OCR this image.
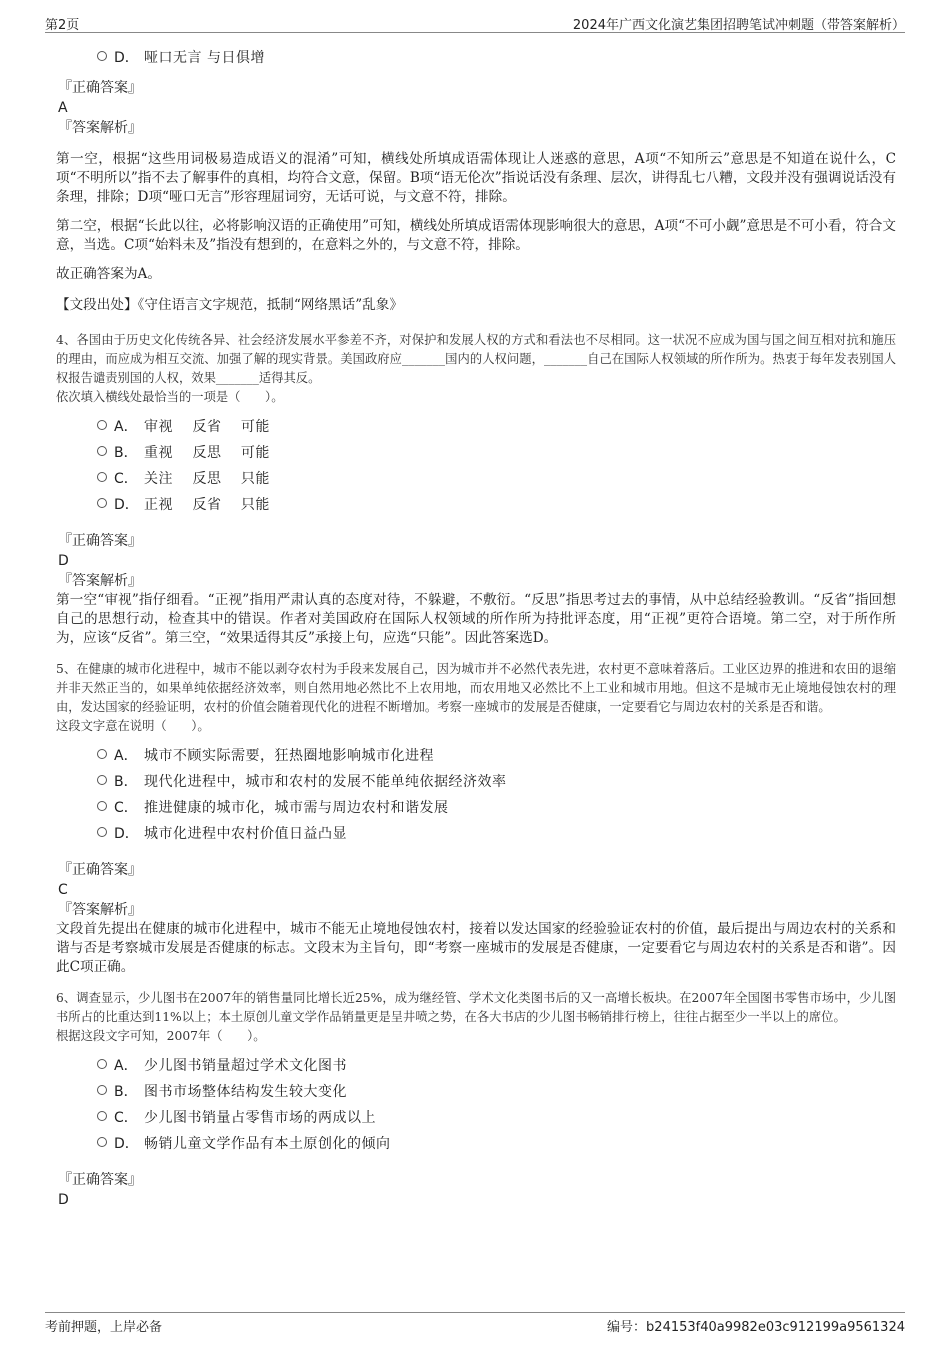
第2页	2024年广西文化演艺集团招聘笔试冲刺题（带答案解析）
D． 哑口无言 与日俱增
『正确答案』
A
『答案解析』

第一空，根据“这些用词极易造成语义的混淆”可知，横线处所填成语需体现让人迷惑的意思，A项“不知所云”意思是不知道在说什么，C项“不明所以”指不去了解事件的真相，均符合文意，保留。B项“语无伦次”指说话没有条理、层次，讲得乱七八糟，文段并没有强调说话没有条理，排除；D项“哑口无言”形容理屈词穷，无话可说，与文意不符，排除。

第二空，根据“长此以往，必将影响汉语的正确使用”可知，横线处所填成语需体现影响很大的意思，A项“不可小觑”意思是不可小看，符合文意，当选。C项“始料未及”指没有想到的，在意料之外的，与文意不符，排除。

故正确答案为A。

【文段出处】《守住语言文字规范，抵制“网络黑话”乱象》

4、各国由于历史文化传统各异、社会经济发展水平参差不齐，对保护和发展人权的方式和看法也不尽相同。这一状况不应成为国与国之间互相对抗和施压的理由，而应成为相互交流、加强了解的现实背景。美国政府应_______国内的人权问题，_______自己在国际人权领域的所作所为。热衷于每年发表别国人权报告谴责别国的人权，效果_______适得其反。

依次填入横线处最恰当的一项是（　　）。

A． 审视　 反省　 可能
B． 重视　 反思　 可能
C． 关注　 反思　 只能
D． 正视　 反省　 只能
『正确答案』
D
『答案解析』

第一空“审视”指仔细看。“正视”指用严肃认真的态度对待，不躲避，不敷衍。“反思”指思考过去的事情，从中总结经验教训。“反省”指回想自己的思想行动，检查其中的错误。作者对美国政府在国际人权领域的所作所为持批评态度，用“正视”更符合语境。第二空，对于所作所为，应该“反省”。第三空，“效果适得其反”承接上句，应选“只能”。因此答案选D。

5、在健康的城市化进程中，城市不能以剥夺农村为手段来发展自己，因为城市并不必然代表先进，农村更不意味着落后。工业区边界的推进和农田的退缩并非天然正当的，如果单纯依据经济效率，则自然用地必然比不上农用地，而农用地又必然比不上工业和城市用地。但这不是城市无止境地侵蚀农村的理由，发达国家的经验证明，农村的价值会随着现代化的进程不断增加。考察一座城市的发展是否健康，一定要看它与周边农村的关系是否和谐。

这段文字意在说明（　　）。

A． 城市不顾实际需要，狂热圈地影响城市化进程
B． 现代化进程中，城市和农村的发展不能单纯依据经济效率
C． 推进健康的城市化，城市需与周边农村和谐发展
D． 城市化进程中农村价值日益凸显
『正确答案』
C
『答案解析』

文段首先提出在健康的城市化进程中，城市不能无止境地侵蚀农村，接着以发达国家的经验验证农村的价值，最后提出与周边农村的关系和谐与否是考察城市发展是否健康的标志。文段末为主旨句，即“考察一座城市的发展是否健康，一定要看它与周边农村的关系是否和谐”。因此C项正确。

6、调查显示，少儿图书在2007年的销售量同比增长近25%，成为继经管、学术文化类图书后的又一高增长板块。在2007年全国图书零售市场中，少儿图书所占的比重达到11%以上；本土原创儿童文学作品销量更是呈井喷之势，在各大书店的少儿图书畅销排行榜上，往往占据至少一半以上的席位。

根据这段文字可知，2007年（　　）。

A． 少儿图书销量超过学术文化图书
B． 图书市场整体结构发生较大变化
C． 少儿图书销量占零售市场的两成以上
D． 畅销儿童文学作品有本土原创化的倾向
『正确答案』
D
考前押题，上岸必备	编号：b24153f40a9982e03c912199a9561324
